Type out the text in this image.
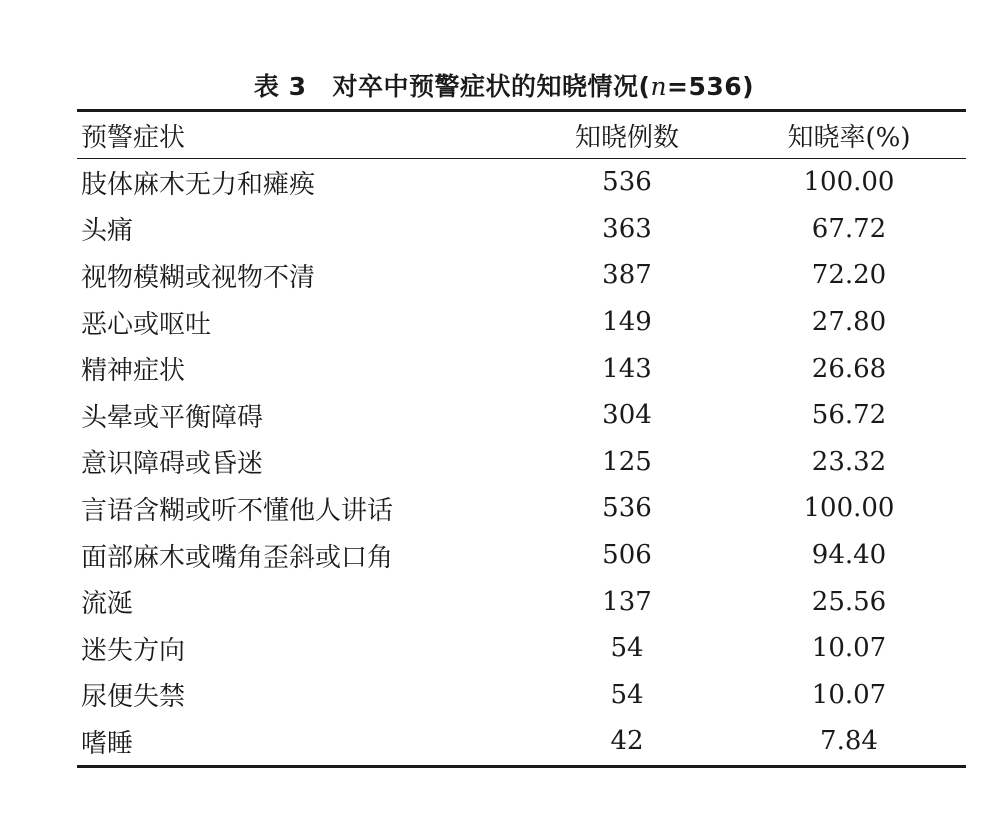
表 3 对卒中预警症状的知晓情况(n=536)
预警症状	知晓例数	知晓率(%)
肢体麻木无力和瘫痪	536	100.00
头痛	363	67.72
视物模糊或视物不清	387	72.20
恶心或呕吐	149	27.80
精神症状	143	26.68
头晕或平衡障碍	304	56.72
意识障碍或昏迷	125	23.32
言语含糊或听不懂他人讲话	536	100.00
面部麻木或嘴角歪斜或口角	506	94.40
流涎	137	25.56
迷失方向	54	10.07
尿便失禁	54	10.07
嗜睡	42	7.84
